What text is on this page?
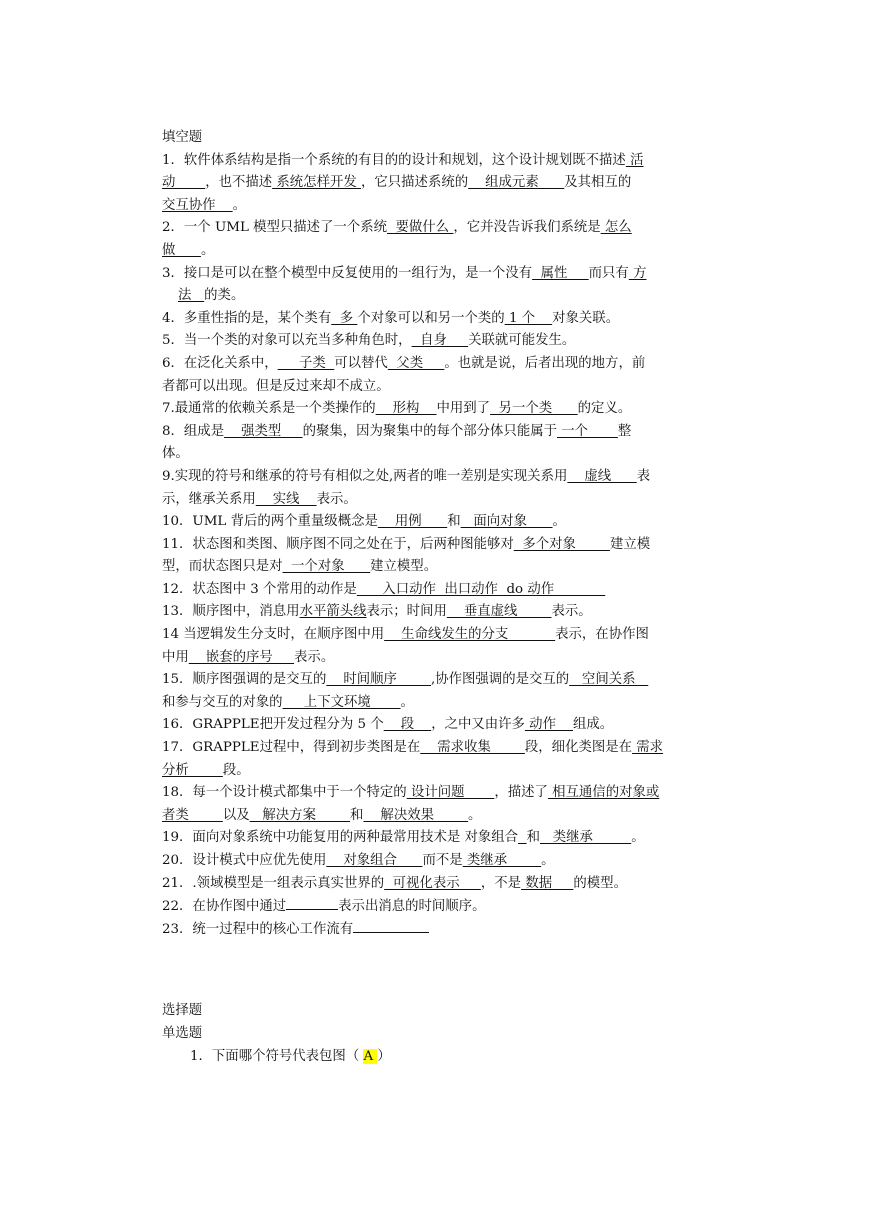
填空题
1．软件体系结构是指一个系统的有目的的设计和规划，这个设计规划既不描述 活
动       ，也不描述 系统怎样开发 ，它只描述系统的    组成元素      及其相互的
交互协作    。
2．一个 UML 模型只描述了一个系统  要做什么 ，它并没告诉我们系统是 怎么
做      。
3．接口是可以在整个模型中反复使用的一组行为，是一个没有  属性     而只有 方
法   的类。
4．多重性指的是，某个类有  多 个对象可以和另一个类的 1 个    对象关联。
5．当一个类的对象可以充当多种角色时，  自身     关联就可能发生。
6．在泛化关系中，     子类  可以替代  父类     。也就是说，后者出现的地方，前
者都可以出现。但是反过来却不成立。
7.最通常的依赖关系是一个类操作的    形构    中用到了  另一个类      的定义。
8．组成是    强类型     的聚集，因为聚集中的每个部分体只能属于 一个       整
体。
9.实现的符号和继承的符号有相似之处,两者的唯一差别是实现关系用    虚线      表
示，继承关系用    实线    表示。
10．UML 背后的两个重量级概念是    用例      和   面向对象      。
11．状态图和类图、顺序图不同之处在于，后两种图能够对  多个对象        建立模
型，而状态图只是对  一个对象      建立模型。
12．状态图中 3 个常用的动作是      入口动作  出口动作  do 动作
13．顺序图中，消息用水平箭头线表示；时间用    垂直虚线        表示。
14 当逻辑发生分支时，在顺序图中用    生命线发生的分支           表示，在协作图
中用    嵌套的序号     表示。
15．顺序图强调的是交互的    时间顺序        ,协作图强调的是交互的   空间关系
和参与交互的对象的     上下文环境       。
16．GRAPPLE把开发过程分为 5 个    段    ，之中又由许多 动作    组成。
17．GRAPPLE过程中，得到初步类图是在    需求收集        段，细化类图是在 需求
分析        段。
18．每一个设计模式都集中于一个特定的 设计问题       ，描述了 相互通信的对象或
者类        以及   解决方案        和    解决效果        。
19．面向对象系统中功能复用的两种最常用技术是 对象组合 和   类继承         。
20．设计模式中应优先使用    对象组合      而不是 类继承        。
21．.领域模型是一组表示真实世界的  可视化表示     ，不是 数据     的模型。
22．在协作图中通过	表示出消息的时间顺序。
23．统一过程中的核心工作流有
选择题
单选题
1．下面哪个符号代表包图（ A ）
